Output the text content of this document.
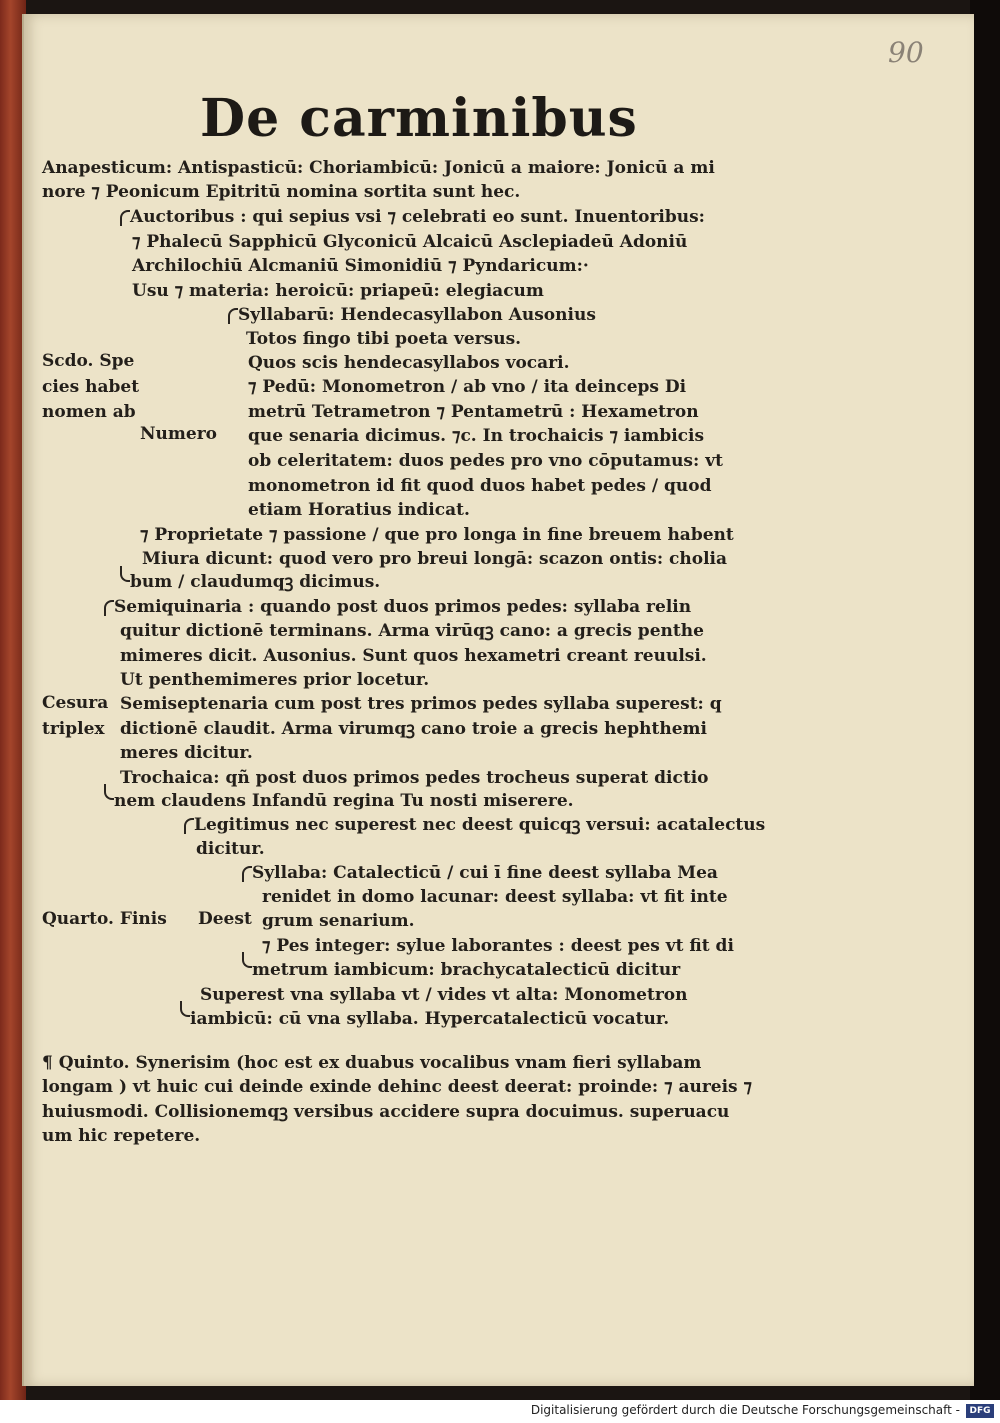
90
De carminibus
Anapesticum: Antispasticū: Choriambicū: Jonicū a maiore: Jonicū a mi
nore ⁊ Peonicum Epitritū nomina sortita sunt hec.
Auctoribus : qui sepius vsi ⁊ celebrati eo sunt. Inuentoribus:
⁊ Phalecū Sapphicū Glyconicū Alcaicū Asclepiadeū Adoniū
Archilochiū Alcmaniū Simonidiū ⁊ Pyndaricum:·
Usu ⁊ materia: heroicū: priapeū: elegiacum
Syllabarū: Hendecasyllabon Ausonius
Totos fingo tibi poeta versus.
Quos scis hendecasyllabos vocari.
⁊ Pedū: Monometron / ab vno / ita deinceps Di
metrū Tetrametron ⁊ Pentametrū : Hexametron
que senaria dicimus. ⁊c. In trochaicis ⁊ iambicis
ob celeritatem: duos pedes pro vno cōputamus: vt
monometron id fit quod duos habet pedes / quod
etiam Horatius indicat.
⁊ Proprietate ⁊ passione / que pro longa in fine breuem habent
Miura dicunt: quod vero pro breui longā: scazon ontis: cholia
bum / claudumqꝫ dicimus.
Semiquinaria : quando post duos primos pedes: syllaba relin
quitur dictionē terminans. Arma virūqꝫ cano: a grecis penthe
mimeres dicit. Ausonius. Sunt quos hexametri creant reuulsi.
Ut penthemimeres prior locetur.
Semiseptenaria cum post tres primos pedes syllaba superest: q
dictionē claudit. Arma virumqꝫ cano troie a grecis hephthemi
meres dicitur.
Trochaica: qñ post duos primos pedes trocheus superat dictio
nem claudens Infandū regina Tu nosti miserere.
Legitimus nec superest nec deest quicqꝫ versui: acatalectus
dicitur.
Syllaba: Catalecticū / cui ī fine deest syllaba Mea
renidet in domo lacunar: deest syllaba: vt fit inte
grum senarium.
⁊ Pes integer: sylue laborantes : deest pes vt fit di
metrum iambicum: brachycatalecticū dicitur
Superest vna syllaba vt / vides vt alta: Monometron
iambicū: cū vna syllaba. Hypercatalecticū vocatur.
¶ Quinto. Synerisim (hoc est ex duabus vocalibus vnam fieri syllabam
longam ) vt huic cui deinde exinde dehinc deest deerat: proinde: ⁊ aureis ⁊
huiusmodi. Collisionemqꝫ versibus accidere supra docuimus. superuacu
um hic repetere.
Scdo. Spe
cies habet
nomen ab
Numero
Cesura
triplex
Quarto. Finis Deest
Digitalisierung gefördert durch die Deutsche Forschungsgemeinschaft -	DFG
